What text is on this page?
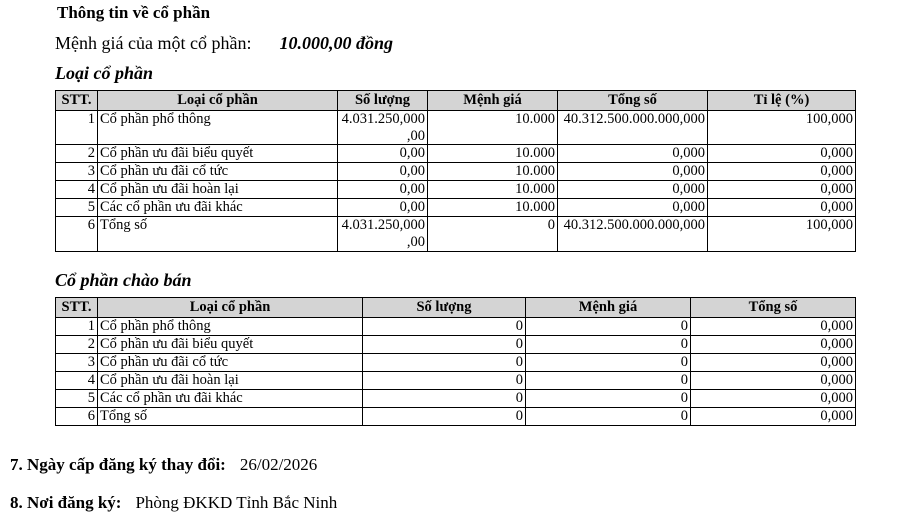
Thông tin về cổ phần
Mệnh giá của một cổ phần: 10.000,00 đồng
Loại cổ phần
STT.	Loại cổ phần	Số lượng	Mệnh giá	Tổng số	Tỉ lệ (%)
1	Cổ phần phổ thông	4.031.250,000,00	10.000	40.312.500.000.000,000	100,000
2	Cổ phần ưu đãi biểu quyết	0,00	10.000	0,000	0,000
3	Cổ phần ưu đãi cổ tức	0,00	10.000	0,000	0,000
4	Cổ phần ưu đãi hoàn lại	0,00	10.000	0,000	0,000
5	Các cổ phần ưu đãi khác	0,00	10.000	0,000	0,000
6	Tổng số	4.031.250,000,00	0	40.312.500.000.000,000	100,000
Cổ phần chào bán
STT.	Loại cổ phần	Số lượng	Mệnh giá	Tổng số
1	Cổ phần phổ thông	0	0	0,000
2	Cổ phần ưu đãi biểu quyết	0	0	0,000
3	Cổ phần ưu đãi cổ tức	0	0	0,000
4	Cổ phần ưu đãi hoàn lại	0	0	0,000
5	Các cổ phần ưu đãi khác	0	0	0,000
6	Tổng số	0	0	0,000
7. Ngày cấp đăng ký thay đổi: 26/02/2026
8. Nơi đăng ký: Phòng ĐKKD Tỉnh Bắc Ninh
